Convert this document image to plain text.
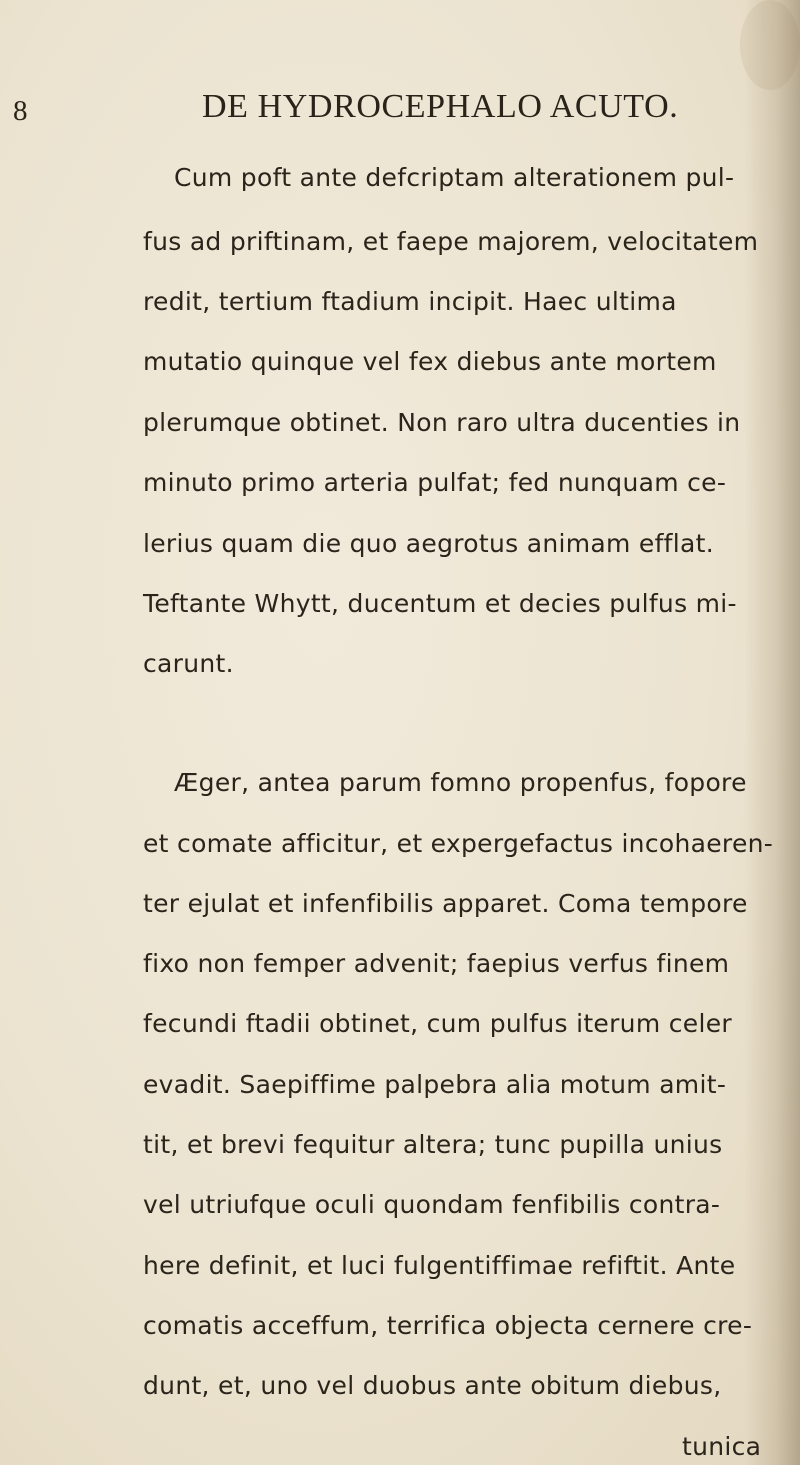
8	DE HYDROCEPHALO ACUTO.
Cum poft ante defcriptam alterationem pul-
fus ad priftinam, et faepe majorem, velocitatem
redit, tertium ftadium incipit. Haec ultima
mutatio quinque vel fex diebus ante mortem
plerumque obtinet. Non raro ultra ducenties in
minuto primo arteria pulfat; fed nunquam ce-
lerius quam die quo aegrotus animam efflat.
Teftante Whytt, ducentum et decies pulfus mi-
carunt.
Æger, antea parum fomno propenfus, fopore
et comate afficitur, et expergefactus incohaeren-
ter ejulat et infenfibilis apparet. Coma tempore
fixo non femper advenit; faepius verfus finem
fecundi ftadii obtinet, cum pulfus iterum celer
evadit. Saepiffime palpebra alia motum amit-
tit, et brevi fequitur altera; tunc pupilla unius
vel utriufque oculi quondam fenfibilis contra-
here definit, et luci fulgentiffimae refiftit. Ante
comatis acceffum, terrifica objecta cernere cre-
dunt, et, uno vel duobus ante obitum diebus,
tunica
